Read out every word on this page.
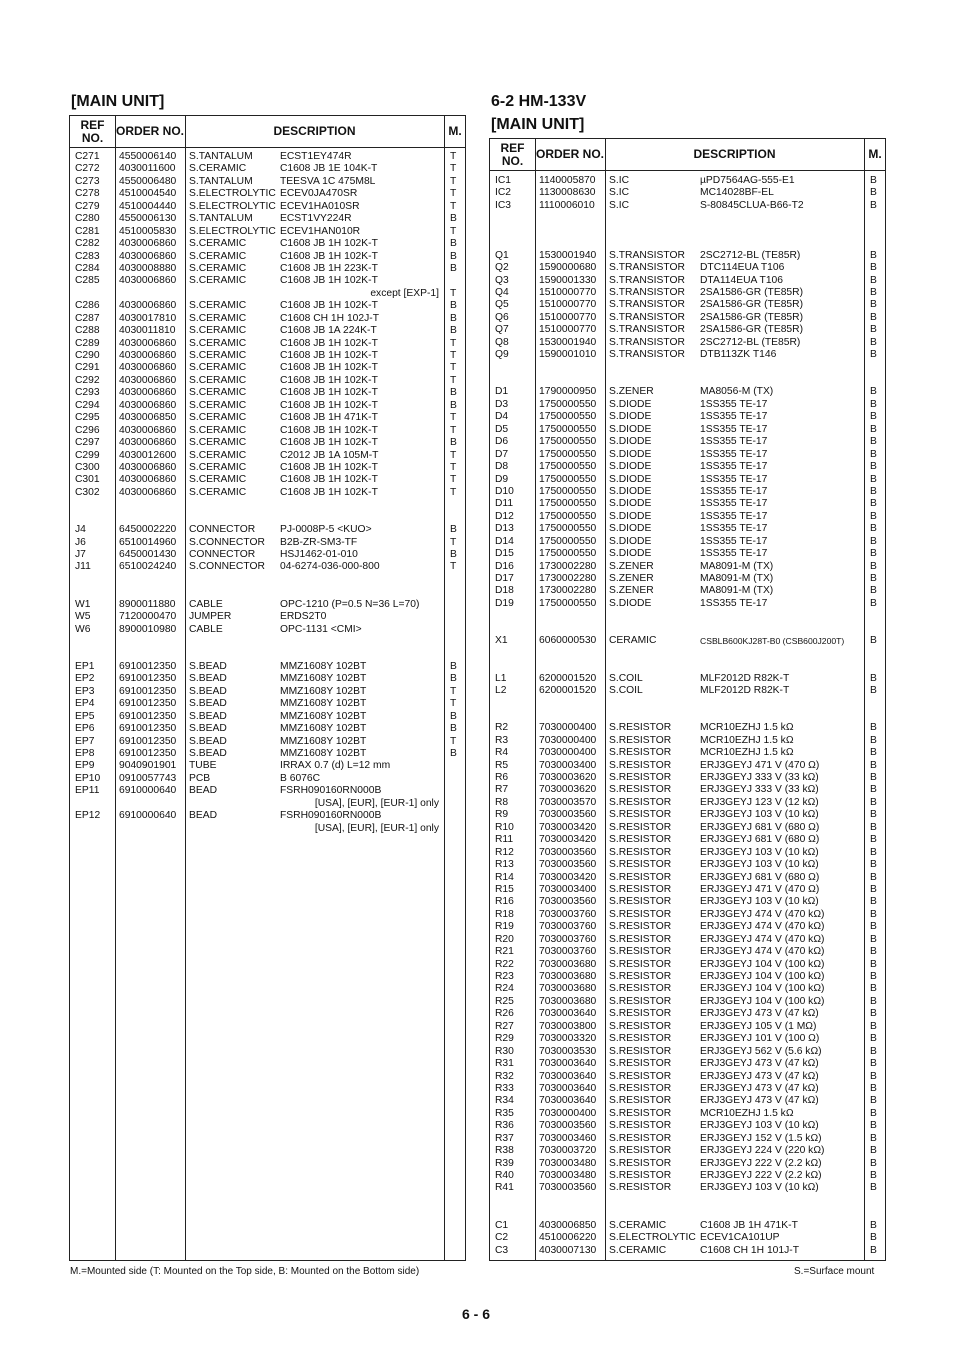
[MAIN UNIT]
REF NO.	ORDER NO.	DESCRIPTION	M.
C271 4550006140 S.TANTALUM	ECST1EY474R	T
C272 4030011600 S.CERAMIC	C1608 JB 1E 104K-T	T
C273 4550006480 S.TANTALUM	TEESVA 1C 475M8L	T
C278 4510004540 S.ELECTROLYTIC ECEV0JA470SR	T
C279 4510004440 S.ELECTROLYTIC ECEV1HA010SR	T
C280 4550006130 S.TANTALUM	ECST1VY224R	B
C281 4510005830 S.ELECTROLYTIC ECEV1HAN010R	T
C282 4030006860 S.CERAMIC	C1608 JB 1H 102K-T	B
C283 4030006860 S.CERAMIC	C1608 JB 1H 102K-T	B
C284 4030008880 S.CERAMIC	C1608 JB 1H 223K-T	B
C285 4030006860 S.CERAMIC	C1608 JB 1H 102K-T
except [EXP-1] T
C286 4030006860 S.CERAMIC	C1608 JB 1H 102K-T	B
C287 4030017810 S.CERAMIC	C1608 CH 1H 102J-T	B
C288 4030011810 S.CERAMIC	C1608 JB 1A 224K-T	B
C289 4030006860 S.CERAMIC	C1608 JB 1H 102K-T	T
C290 4030006860 S.CERAMIC	C1608 JB 1H 102K-T	T
C291 4030006860 S.CERAMIC	C1608 JB 1H 102K-T	T
C292 4030006860 S.CERAMIC	C1608 JB 1H 102K-T	T
C293 4030006860 S.CERAMIC	C1608 JB 1H 102K-T	B
C294 4030006860 S.CERAMIC	C1608 JB 1H 102K-T	B
C295 4030006850 S.CERAMIC	C1608 JB 1H 471K-T	T
C296 4030006860 S.CERAMIC	C1608 JB 1H 102K-T	T
C297 4030006860 S.CERAMIC	C1608 JB 1H 102K-T	B
C299 4030012600 S.CERAMIC	C2012 JB 1A 105M-T	T
C300 4030006860 S.CERAMIC	C1608 JB 1H 102K-T	T
C301 4030006860 S.CERAMIC	C1608 JB 1H 102K-T	T
C302 4030006860 S.CERAMIC	C1608 JB 1H 102K-T	T
J4	6450002220 CONNECTOR PJ-0008P-5 <KUO>	B
J6	6510014960 S.CONNECTOR B2B-ZR-SM3-TF	T
J7	6450001430 CONNECTOR HSJ1462-01-010	B
J11	6510024240 S.CONNECTOR 04-6274-036-000-800	T
W1	8900011880 CABLE	OPC-1210 (P=0.5 N=36 L=70)
W5	7120000470 JUMPER	ERDS2T0
W6	8900010980 CABLE	OPC-1131 <CMI>
EP1 6910012350 S.BEAD	MMZ1608Y 102BT	B
EP2 6910012350 S.BEAD	MMZ1608Y 102BT	B
EP3 6910012350 S.BEAD	MMZ1608Y 102BT	T
EP4 6910012350 S.BEAD	MMZ1608Y 102BT	T
EP5 6910012350 S.BEAD	MMZ1608Y 102BT	B
EP6 6910012350 S.BEAD	MMZ1608Y 102BT	B
EP7 6910012350 S.BEAD	MMZ1608Y 102BT	T
EP8 6910012350 S.BEAD	MMZ1608Y 102BT	B
EP9 9040901901 TUBE	IRRAX 0.7 (d) L=12 mm
EP10 0910057743 PCB	B 6076C
EP11 6910000640 BEAD	FSRH090160RN000B
[USA], [EUR], [EUR-1] only
EP12 6910000640 BEAD	FSRH090160RN000B
[USA], [EUR], [EUR-1] only
M.=Mounted side (T: Mounted on the Top side, B: Mounted on the Bottom side)
6-2 HM-133V
[MAIN UNIT]
REF NO.	ORDER NO.	DESCRIPTION	M.
IC1	1140005870 S.IC	µPD7564AG-555-E1	B
IC2	1130008630 S.IC	MC14028BF-EL	B
IC3	1110006010 S.IC	S-80845CLUA-B66-T2	B
Q1	1530001940 S.TRANSISTOR 2SC2712-BL (TE85R)	B
Q2	1590000680 S.TRANSISTOR DTC114EUA T106	B
Q3	1590001330 S.TRANSISTOR DTA114EUA T106	B
Q4	1510000770 S.TRANSISTOR 2SA1586-GR (TE85R)	B
Q5	1510000770 S.TRANSISTOR 2SA1586-GR (TE85R)	B
Q6	1510000770 S.TRANSISTOR 2SA1586-GR (TE85R)	B
Q7	1510000770 S.TRANSISTOR 2SA1586-GR (TE85R)	B
Q8	1530001940 S.TRANSISTOR 2SC2712-BL (TE85R)	B
Q9	1590001010 S.TRANSISTOR DTB113ZK T146	B
D1	1790000950 S.ZENER	MA8056-M (TX)	B
D3	1750000550 S.DIODE	1SS355 TE-17	B
D4	1750000550 S.DIODE	1SS355 TE-17	B
D5	1750000550 S.DIODE	1SS355 TE-17	B
D6	1750000550 S.DIODE	1SS355 TE-17	B
D7	1750000550 S.DIODE	1SS355 TE-17	B
D8	1750000550 S.DIODE	1SS355 TE-17	B
D9	1750000550 S.DIODE	1SS355 TE-17	B
D10 1750000550 S.DIODE	1SS355 TE-17	B
D11	1750000550 S.DIODE	1SS355 TE-17	B
D12 1750000550 S.DIODE	1SS355 TE-17	B
D13 1750000550 S.DIODE	1SS355 TE-17	B
D14 1750000550 S.DIODE	1SS355 TE-17	B
D15 1750000550 S.DIODE	1SS355 TE-17	B
D16 1730002280 S.ZENER	MA8091-M (TX)	B
D17 1730002280 S.ZENER	MA8091-M (TX)	B
D18 1730002280 S.ZENER	MA8091-M (TX)	B
D19 1750000550 S.DIODE	1SS355 TE-17	B
X1	6060000530 CERAMIC	CSBLB600KJ28T-B0 (CSB600J200T) B
L1	6200001520 S.COIL	MLF2012D R82K-T	B
L2	6200001520 S.COIL	MLF2012D R82K-T	B
R2	7030000400 S.RESISTOR	MCR10EZHJ 1.5 kΩ	B
R3	7030000400 S.RESISTOR	MCR10EZHJ 1.5 kΩ	B
R4	7030000400 S.RESISTOR	MCR10EZHJ 1.5 kΩ	B
R5	7030003400 S.RESISTOR	ERJ3GEYJ 471 V (470 Ω)	B
R6	7030003620 S.RESISTOR	ERJ3GEYJ 333 V (33 kΩ)	B
R7	7030003620 S.RESISTOR	ERJ3GEYJ 333 V (33 kΩ)	B
R8	7030003570 S.RESISTOR	ERJ3GEYJ 123 V (12 kΩ)	B
R9	7030003560 S.RESISTOR	ERJ3GEYJ 103 V (10 kΩ)	B
R10 7030003420 S.RESISTOR	ERJ3GEYJ 681 V (680 Ω)	B
R11	7030003420 S.RESISTOR	ERJ3GEYJ 681 V (680 Ω)	B
R12 7030003560 S.RESISTOR	ERJ3GEYJ 103 V (10 kΩ)	B
R13 7030003560 S.RESISTOR	ERJ3GEYJ 103 V (10 kΩ)	B
R14 7030003420 S.RESISTOR	ERJ3GEYJ 681 V (680 Ω)	B
R15 7030003400 S.RESISTOR	ERJ3GEYJ 471 V (470 Ω)	B
R16 7030003560 S.RESISTOR	ERJ3GEYJ 103 V (10 kΩ)	B
R18 7030003760 S.RESISTOR	ERJ3GEYJ 474 V (470 kΩ)	B
R19 7030003760 S.RESISTOR	ERJ3GEYJ 474 V (470 kΩ)	B
R20 7030003760 S.RESISTOR	ERJ3GEYJ 474 V (470 kΩ)	B
R21 7030003760 S.RESISTOR	ERJ3GEYJ 474 V (470 kΩ)	B
R22 7030003680 S.RESISTOR	ERJ3GEYJ 104 V (100 kΩ)	B
R23 7030003680 S.RESISTOR	ERJ3GEYJ 104 V (100 kΩ)	B
R24 7030003680 S.RESISTOR	ERJ3GEYJ 104 V (100 kΩ)	B
R25 7030003680 S.RESISTOR	ERJ3GEYJ 104 V (100 kΩ)	B
R26 7030003640 S.RESISTOR	ERJ3GEYJ 473 V (47 kΩ)	B
R27 7030003800 S.RESISTOR	ERJ3GEYJ 105 V (1 MΩ)	B
R29 7030003320 S.RESISTOR	ERJ3GEYJ 101 V (100 Ω)	B
R30 7030003530 S.RESISTOR	ERJ3GEYJ 562 V (5.6 kΩ)	B
R31 7030003640 S.RESISTOR	ERJ3GEYJ 473 V (47 kΩ)	B
R32 7030003640 S.RESISTOR	ERJ3GEYJ 473 V (47 kΩ)	B
R33 7030003640 S.RESISTOR	ERJ3GEYJ 473 V (47 kΩ)	B
R34 7030003640 S.RESISTOR	ERJ3GEYJ 473 V (47 kΩ)	B
R35 7030000400 S.RESISTOR	MCR10EZHJ 1.5 kΩ	B
R36 7030003560 S.RESISTOR	ERJ3GEYJ 103 V (10 kΩ)	B
R37 7030003460 S.RESISTOR	ERJ3GEYJ 152 V (1.5 kΩ)	B
R38 7030003720 S.RESISTOR	ERJ3GEYJ 224 V (220 kΩ)	B
R39 7030003480 S.RESISTOR	ERJ3GEYJ 222 V (2.2 kΩ)	B
R40 7030003480 S.RESISTOR	ERJ3GEYJ 222 V (2.2 kΩ)	B
R41 7030003560 S.RESISTOR	ERJ3GEYJ 103 V (10 kΩ)	B
C1	4030006850 S.CERAMIC	C1608 JB 1H 471K-T	B
C2	4510006220 S.ELECTROLYTIC ECEV1CA101UP	B
C3	4030007130 S.CERAMIC	C1608 CH 1H 101J-T	B
S.=Surface mount
6 - 6
